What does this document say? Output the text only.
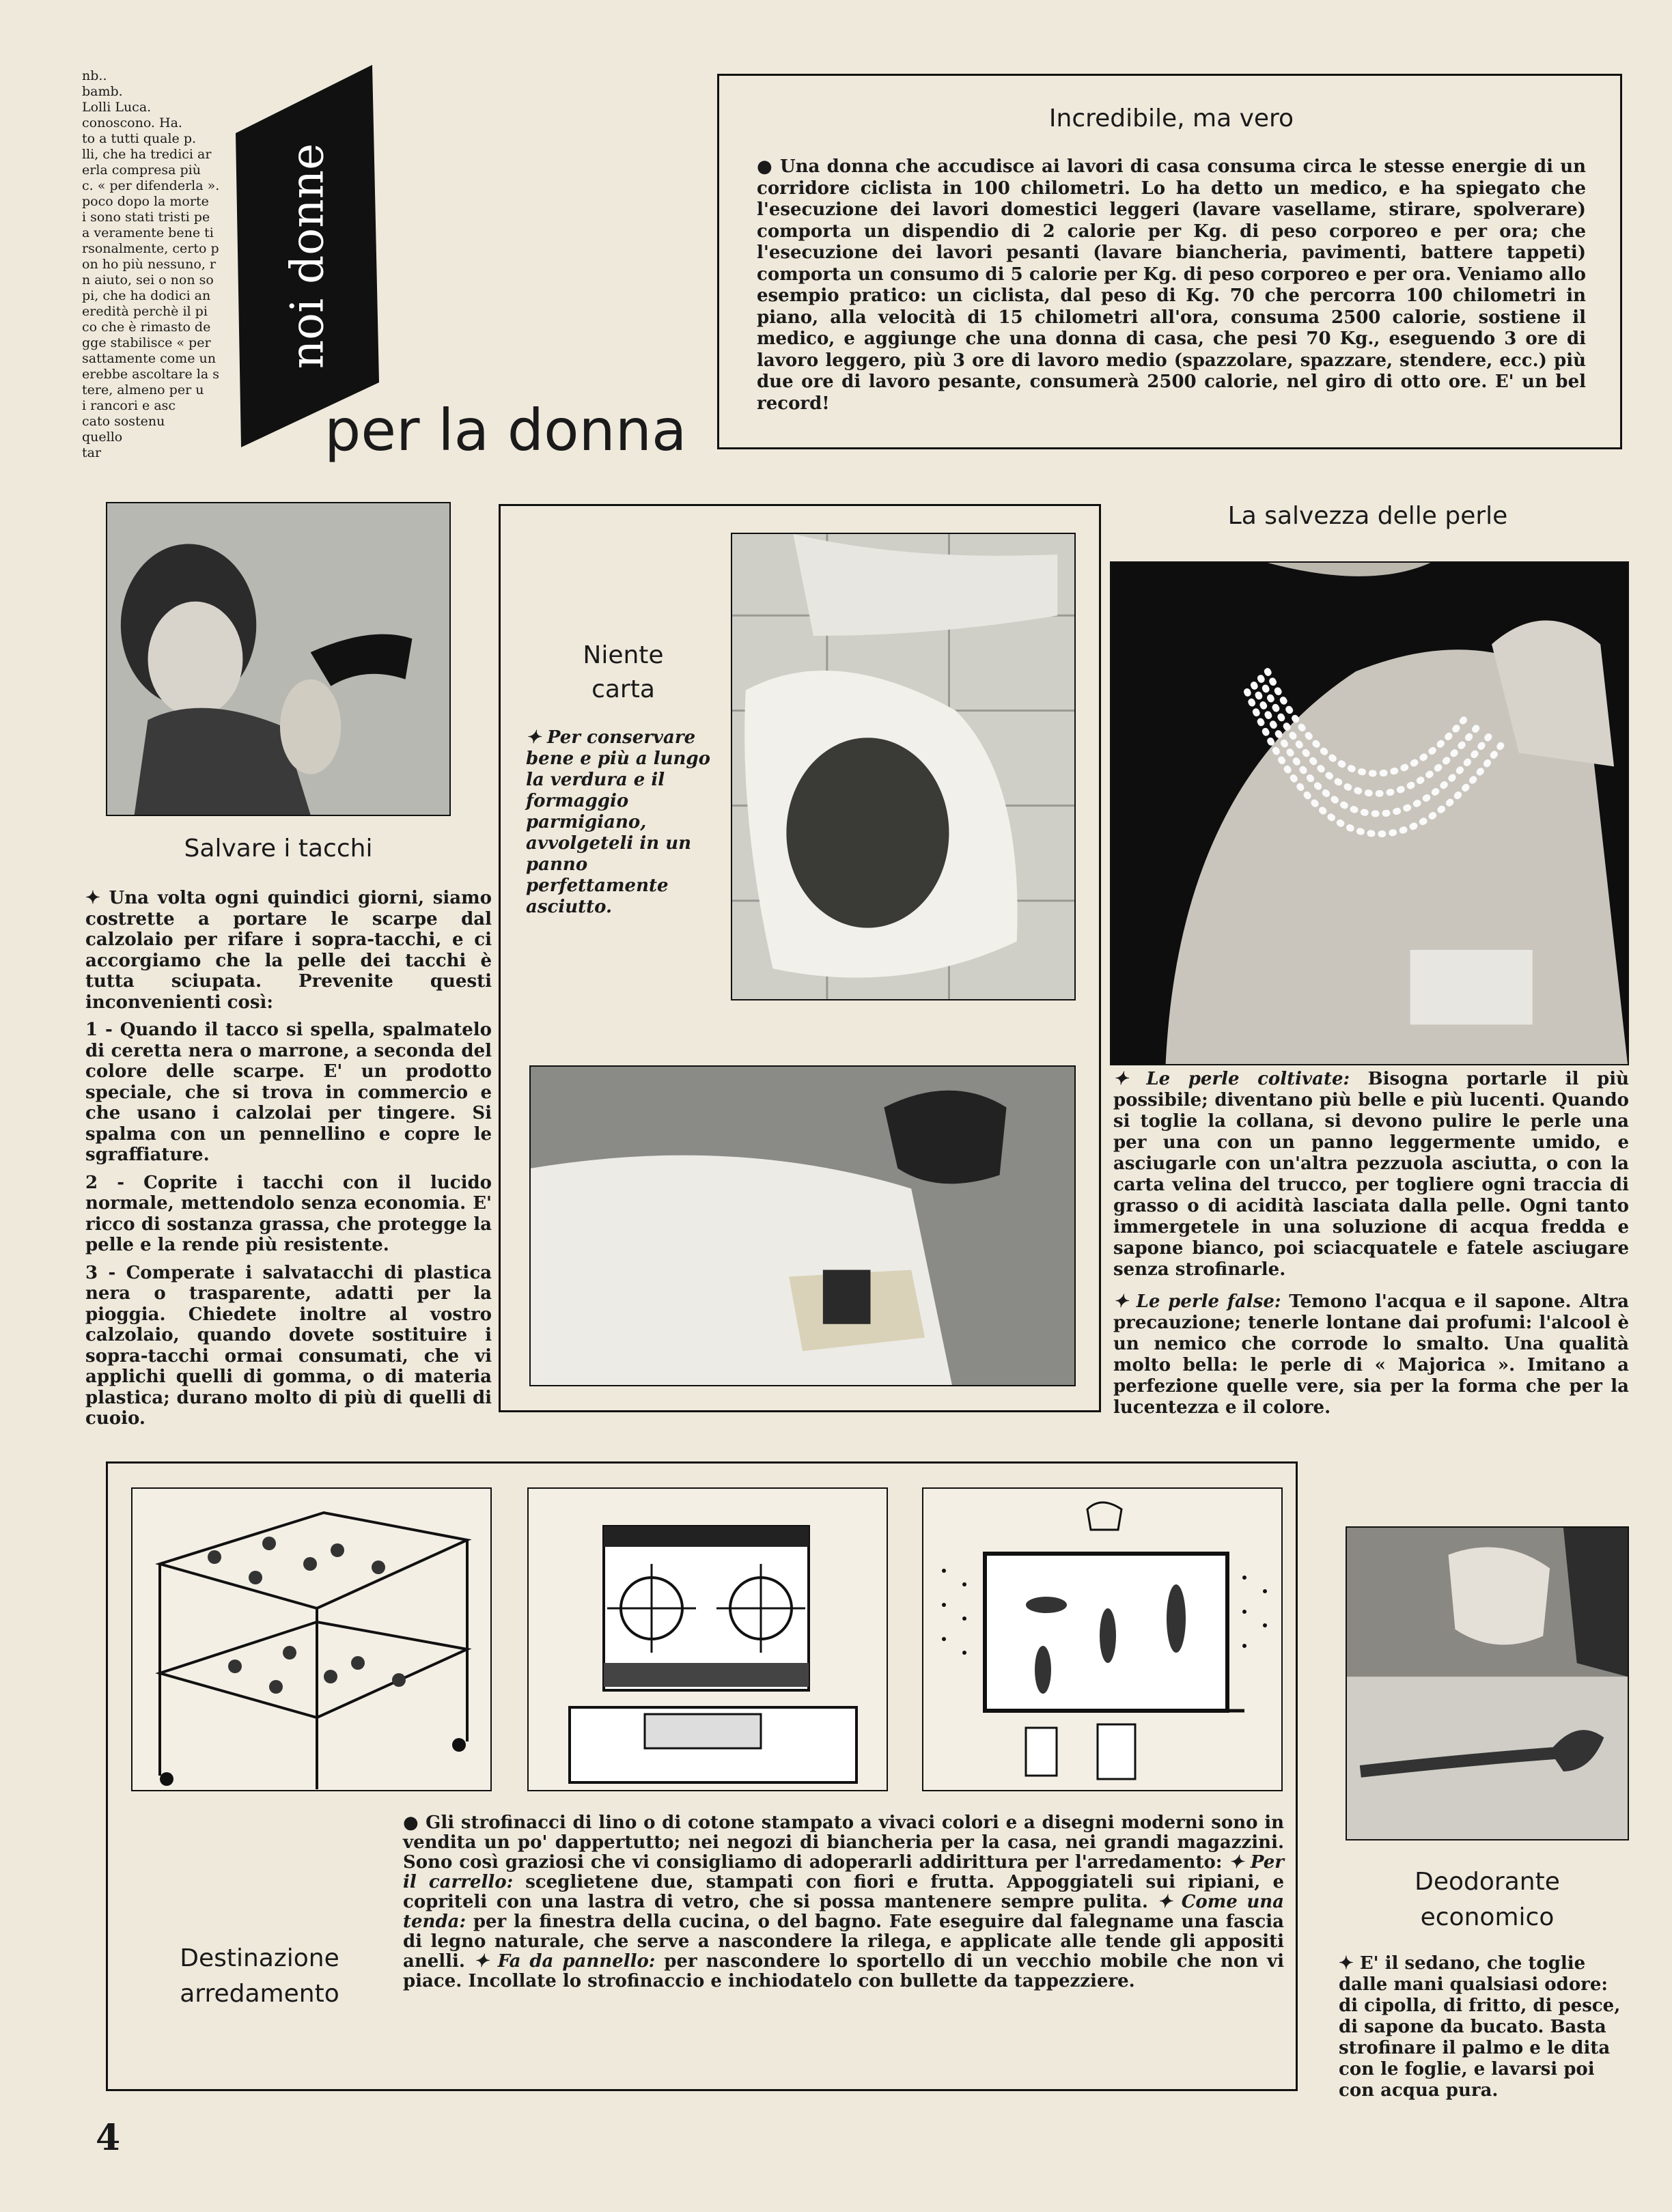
nb..
bamb.
Lolli Luca.
conoscono. Ha.
to a tutti quale p.
lli, che ha tredici ar
erla compresa più
c. « per difenderla ».
poco dopo la morte
i sono stati tristi pe
a veramente bene ti
rsonalmente, certo p
on ho più nessuno, r
n aiuto, sei o non so
pi, che ha dodici an
eredità perchè il pi
co che è rimasto de
gge stabilisce « per
sattamente come un
erebbe ascoltare la s
tere, almeno per u
i rancori e asc
cato sostenu
quello
tar
noi donne
per la donna
Incredibile, ma vero
● Una donna che accudisce ai lavori di casa consuma circa le stesse energie di un corridore ciclista in 100 chilometri. Lo ha detto un medico, e ha spiegato che l'esecuzione dei lavori domestici leggeri (lavare vasellame, stirare, spolverare) comporta un dispendio di 2 calorie per Kg. di peso corporeo e per ora; che l'esecuzione dei lavori pesanti (lavare biancheria, pavimenti, battere tappeti) comporta un consumo di 5 calorie per Kg. di peso corporeo e per ora. Veniamo allo esempio pratico: un ciclista, dal peso di Kg. 70 che percorra 100 chilometri in piano, alla velocità di 15 chilometri all'ora, consuma 2500 calorie, sostiene il medico, e aggiunge che una donna di casa, che pesi 70 Kg., eseguendo 3 ore di lavoro leggero, più 3 ore di lavoro medio (spazzolare, spazzare, stendere, ecc.) più due ore di lavoro pesante, consumerà 2500 calorie, nel giro di otto ore. E' un bel record!
Salvare i tacchi

✦ Una volta ogni quindici giorni, siamo costrette a portare le scarpe dal calzolaio per rifare i sopra-tacchi, e ci accorgiamo che la pelle dei tacchi è tutta sciupata. Prevenite questi inconvenienti così:

1 - Quando il tacco si spella, spalmatelo di ceretta nera o marrone, a seconda del colore delle scarpe. E' un prodotto speciale, che si trova in commercio e che usano i calzolai per tingere. Si spalma con un pennellino e copre le sgraffiature.

2 - Coprite i tacchi con il lucido normale, mettendolo senza economia. E' ricco di sostanza grassa, che protegge la pelle e la rende più resistente.

3 - Comperate i salvatacchi di plastica nera o trasparente, adatti per la pioggia. Chiedete inoltre al vostro calzolaio, quando dovete sostituire i sopra-tacchi ormai consumati, che vi applichi quelli di gomma, o di materia plastica; durano molto di più di quelli di cuoio.

Niente
carta
✦ Per conservare bene e più a lungo la verdura e il formaggio parmigiano, avvolgeteli in un panno perfettamente asciutto.
La salvezza delle perle

✦ Le perle coltivate: Bisogna portarle il più possibile; diventano più belle e più lucenti. Quando si toglie la collana, si devono pulire le perle una per una con un panno leggermente umido, e asciugarle con un'altra pezzuola asciutta, o con la carta velina del trucco, per togliere ogni traccia di grasso o di acidità lasciata dalla pelle. Ogni tanto immergetele in una soluzione di acqua fredda e sapone bianco, poi sciacquatele e fatele asciugare senza strofinarle.

✦ Le perle false: Temono l'acqua e il sapone. Altra precauzione; tenerle lontane dai profumi: l'alcool è un nemico che corrode lo smalto. Una qualità molto bella: le perle di « Majorica ». Imitano a perfezione quelle vere, sia per la forma che per la lucentezza e il colore.

Destinazione
arredamento
● Gli strofinacci di lino o di cotone stampato a vivaci colori e a disegni moderni sono in vendita un po' dappertutto; nei negozi di biancheria per la casa, nei grandi magazzini. Sono così graziosi che vi consigliamo di adoperarli addirittura per l'arredamento: ✦ Per il carrello: sceglietene due, stampati con fiori e frutta. Appoggiateli sui ripiani, e copriteli con una lastra di vetro, che si possa mantenere sempre pulita. ✦ Come una tenda: per la finestra della cucina, o del bagno. Fate eseguire dal falegname una fascia di legno naturale, che serve a nascondere la rilega, e applicate alle tende gli appositi anelli. ✦ Fa da pannello: per nascondere lo sportello di un vecchio mobile che non vi piace. Incollate lo strofinaccio e inchiodatelo con bullette da tappezziere.
Deodorante
economico
✦ E' il sedano, che toglie dalle mani qualsiasi odore: di cipolla, di fritto, di pesce, di sapone da bucato. Basta strofinare il palmo e le dita con le foglie, e lavarsi poi con acqua pura.
4
